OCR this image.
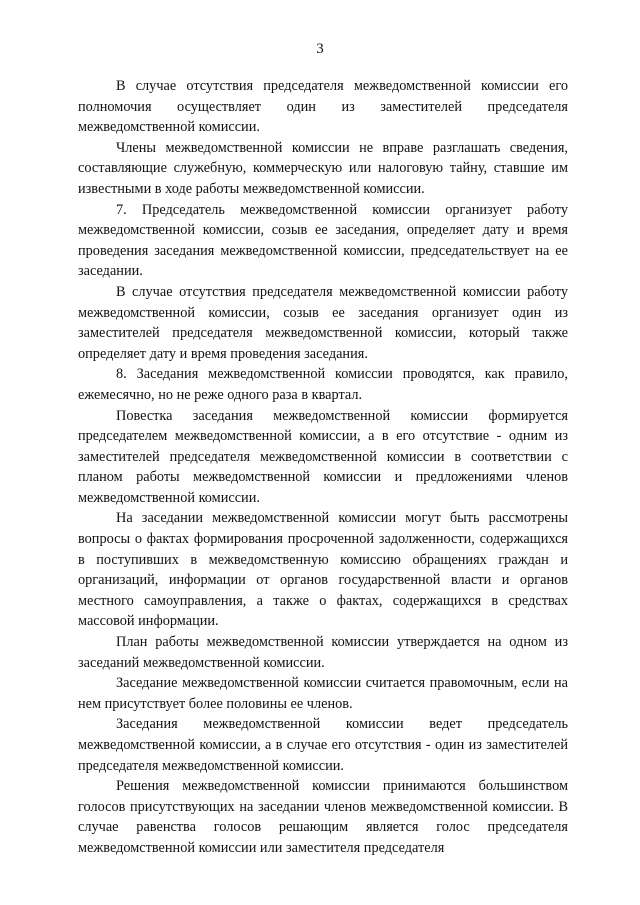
3

В случае отсутствия председателя межведомственной комиссии его полномочия осуществляет один из заместителей председателя межведомственной комиссии.

Члены межведомственной комиссии не вправе разглашать сведения, составляющие служебную, коммерческую или налоговую тайну, ставшие им известными в ходе работы межведомственной комиссии.

7. Председатель межведомственной комиссии организует работу межведомственной комиссии, созыв ее заседания, определяет дату и время проведения заседания межведомственной комиссии, председательствует на ее заседании.

В случае отсутствия председателя межведомственной комиссии работу межведомственной комиссии, созыв ее заседания организует один из заместителей председателя межведомственной комиссии, который также определяет дату и время проведения заседания.

8. Заседания межведомственной комиссии проводятся, как правило, ежемесячно, но не реже одного раза в квартал.

Повестка заседания межведомственной комиссии формируется председателем межведомственной комиссии, а в его отсутствие - одним из заместителей председателя межведомственной комиссии в соответствии с планом работы межведомственной комиссии и предложениями членов межведомственной комиссии.

На заседании межведомственной комиссии могут быть рассмотрены вопросы о фактах формирования просроченной задолженности, содержащихся в поступивших в межведомственную комиссию обращениях граждан и организаций, информации от органов государственной власти и органов местного самоуправления, а также о фактах, содержащихся в средствах массовой информации.

План работы межведомственной комиссии утверждается на одном из заседаний межведомственной комиссии.

Заседание межведомственной комиссии считается правомочным, если на нем присутствует более половины ее членов.

Заседания межведомственной комиссии ведет председатель межведомственной комиссии, а в случае его отсутствия - один из заместителей председателя межведомственной комиссии.

Решения межведомственной комиссии принимаются большинством голосов присутствующих на заседании членов межведомственной комиссии. В случае равенства голосов решающим является голос председателя межведомственной комиссии или заместителя председателя
